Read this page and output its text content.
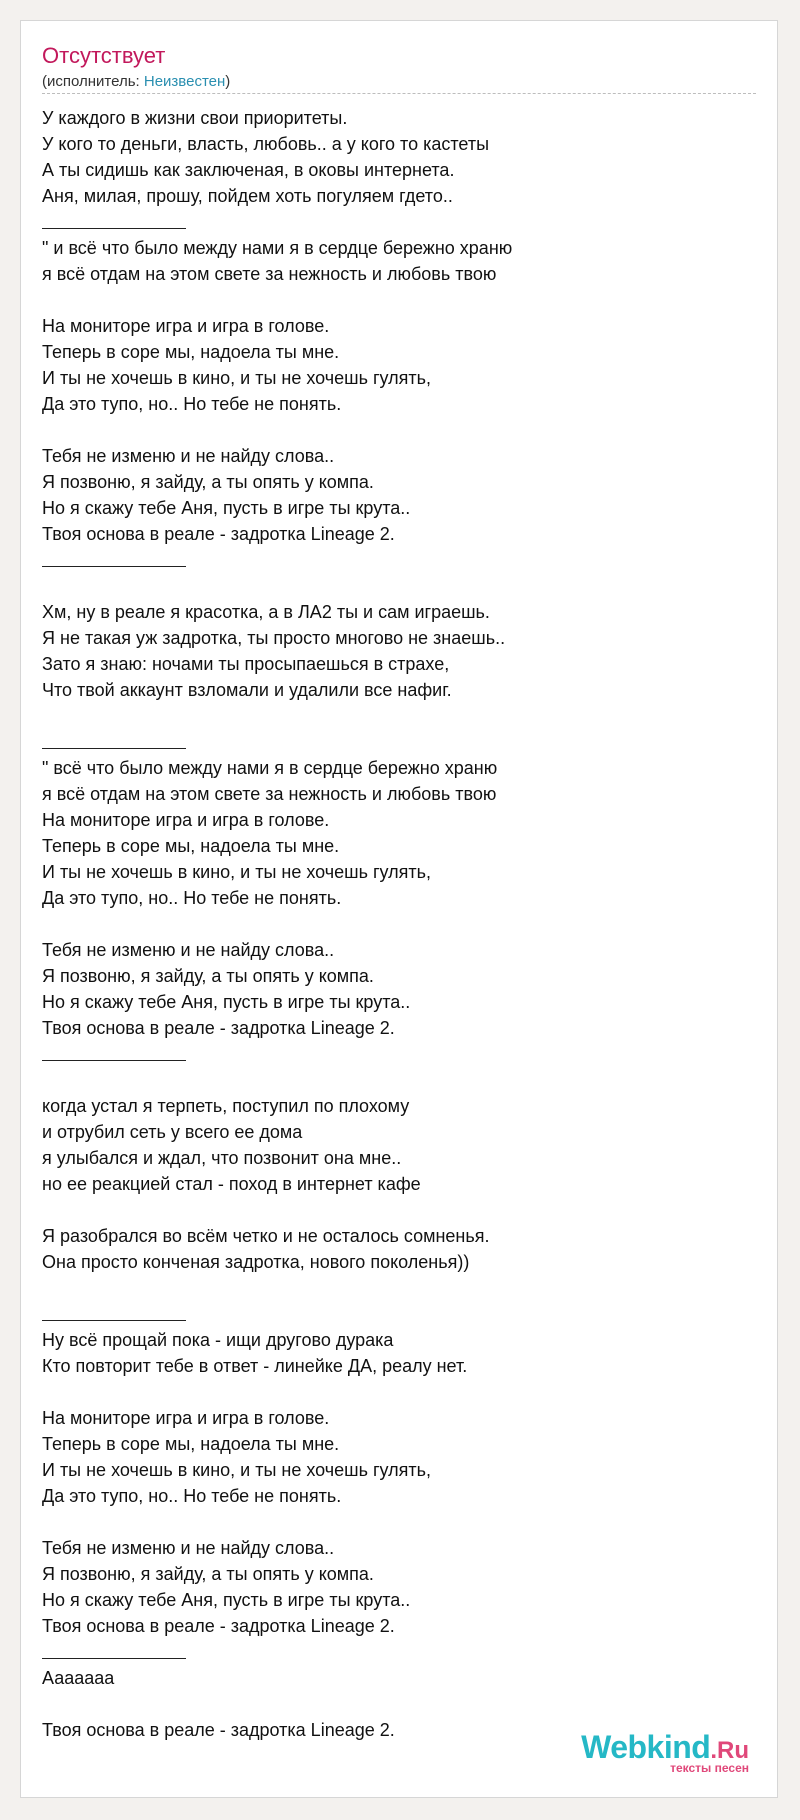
Отсутствует
(исполнитель: Неизвестен)
У каждого в жизни свои приоритеты.
У кого то деньги, власть, любовь.. а у кого то кастеты
А ты сидишь как заключеная, в оковы интернета.
Аня, милая, прошу, пойдем хоть погуляем гдето..
" и всё что было между нами я в сердце бережно храню
я всё отдам на этом свете за нежность и любовь твою
На мониторе игра и игра в голове.
Теперь в соре мы, надоела ты мне.
И ты не хочешь в кино, и ты не хочешь гулять,
Да это тупо, но.. Но тебе не понять.
Тебя не изменю и не найду слова..
Я позвоню, я зайду, а ты опять у компа.
Но я скажу тебе Аня, пусть в игре ты крута..
Твоя основа в реале - задротка Lineage 2.
Хм, ну в реале я красотка, а в ЛА2 ты и сам играешь.
Я не такая уж задротка, ты просто многово не знаешь..
Зато я знаю: ночами ты просыпаешься в страхе,
Что твой аккаунт взломали и удалили все нафиг.
" всё что было между нами я в сердце бережно храню
я всё отдам на этом свете за нежность и любовь твою
На мониторе игра и игра в голове.
Теперь в соре мы, надоела ты мне.
И ты не хочешь в кино, и ты не хочешь гулять,
Да это тупо, но.. Но тебе не понять.
Тебя не изменю и не найду слова..
Я позвоню, я зайду, а ты опять у компа.
Но я скажу тебе Аня, пусть в игре ты крута..
Твоя основа в реале - задротка Lineage 2.
когда устал я терпеть, поступил по плохому
и отрубил сеть у всего ее дома
я улыбался и ждал, что позвонит она мне..
но ее реакцией стал - поход в интернет кафе
Я разобрался во всём четко и не осталось сомненья.
Она просто конченая задротка, нового поколенья))
Ну всё прощай пока - ищи другово дурака
Кто повторит тебе в ответ - линейке ДА, реалу нет.
На мониторе игра и игра в голове.
Теперь в соре мы, надоела ты мне.
И ты не хочешь в кино, и ты не хочешь гулять,
Да это тупо, но.. Но тебе не понять.
Тебя не изменю и не найду слова..
Я позвоню, я зайду, а ты опять у компа.
Но я скажу тебе Аня, пусть в игре ты крута..
Твоя основа в реале - задротка Lineage 2.
Ааааааа
Твоя основа в реале - задротка Lineage 2.	Webkind.Ru
тексты песен
